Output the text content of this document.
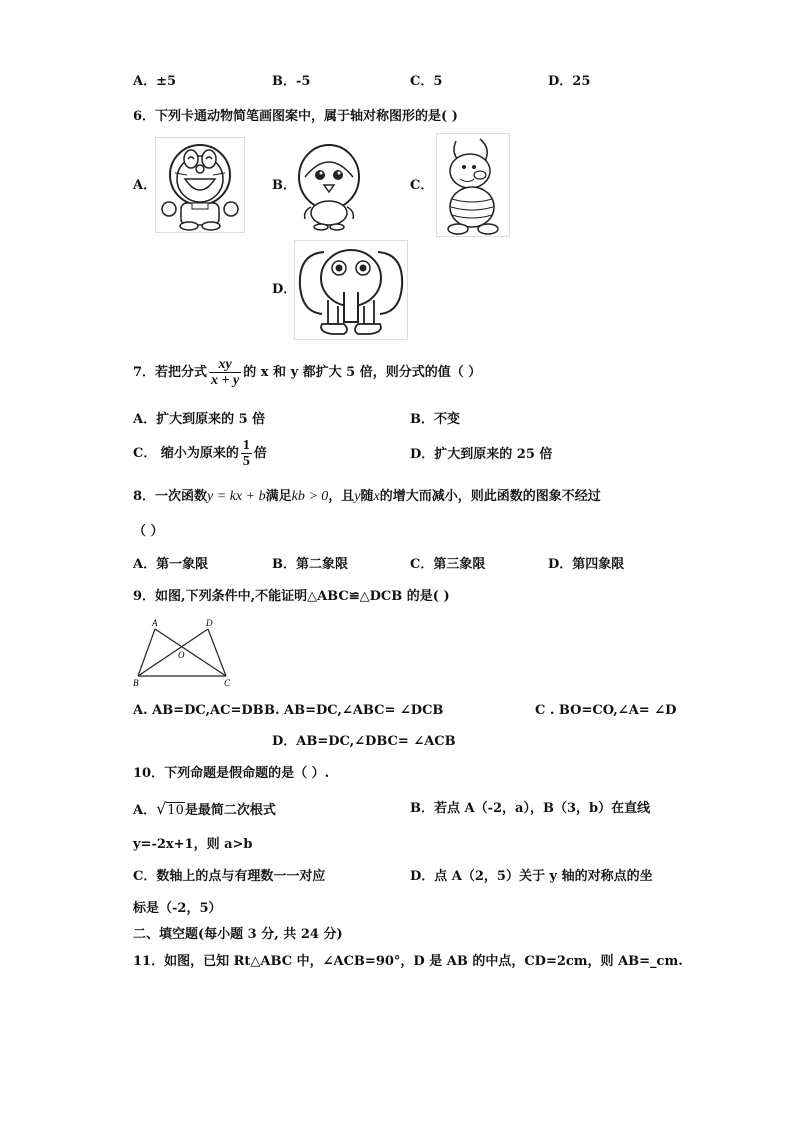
A．±5	B．-5	C．5	D．25
6．下列卡通动物简笔画图案中，属于轴对称图形的是( )
A．	B．	C．
D．
7．若把分式 $\frac{xy}{x + y}$ 的 x 和 y 都扩大 5 倍，则分式的值（ ）
A．扩大到原来的 5 倍	B．不变
C． 缩小为原来的 $\frac{1}{5}$ 倍	D．扩大到原来的 25 倍
8．一次函数y = kx + b满足kb > 0，且y随x的增大而减小，则此函数的图象不经过
（ ）
A．第一象限	B．第二象限	C．第三象限	D．第四象限
9．如图,下列条件中,不能证明△ABC≌△DCB 的是( )
A	D
O
B	C
A. AB=DC,AC=DB B. AB=DC,∠ABC= ∠DCB	C . BO=CO,∠A= ∠D
D．AB=DC,∠DBC= ∠ACB
10．下列命题是假命题的是（ ）.
A．√10是最简二次根式	B．若点 A（-2，a），B（3，b）在直线
y=-2x+1，则 a>b
C．数轴上的点与有理数一一对应	D．点 A（2，5）关于 y 轴的对称点的坐
标是（-2，5）
二、填空题(每小题 3 分, 共 24 分)
11．如图，已知 Rt△ABC 中，∠ACB=90°，D 是 AB 的中点，CD=2cm，则 AB=_cm.
